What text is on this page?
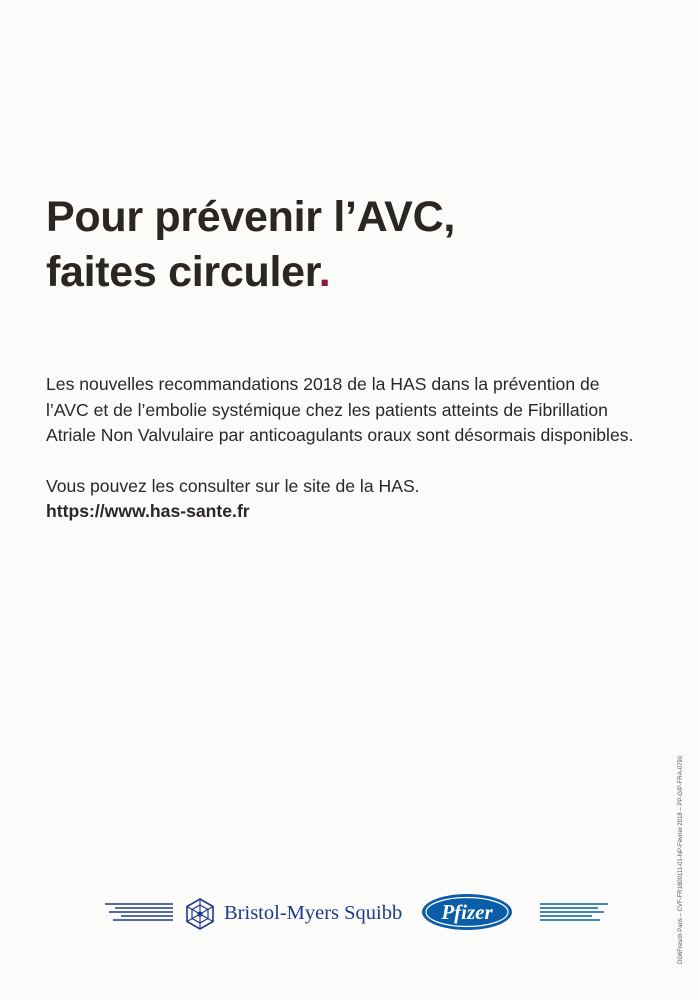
Pour prévenir l’AVC,
faites circuler.

Les nouvelles recommandations 2018 de la HAS dans la prévention de l’AVC et de l’embolie systémique chez les patients atteints de Fibrillation Atriale Non Valvulaire par anticoagulants oraux sont désormais disponibles.

Vous pouvez les consulter sur le site de la HAS.

https://www.has-sante.fr

DG6Fresch Paris – CVF-FR1800111-01-NP-Février 2018 – PP-GIP-FRA-0790
Bristol-Myers Squibb Pfizer
